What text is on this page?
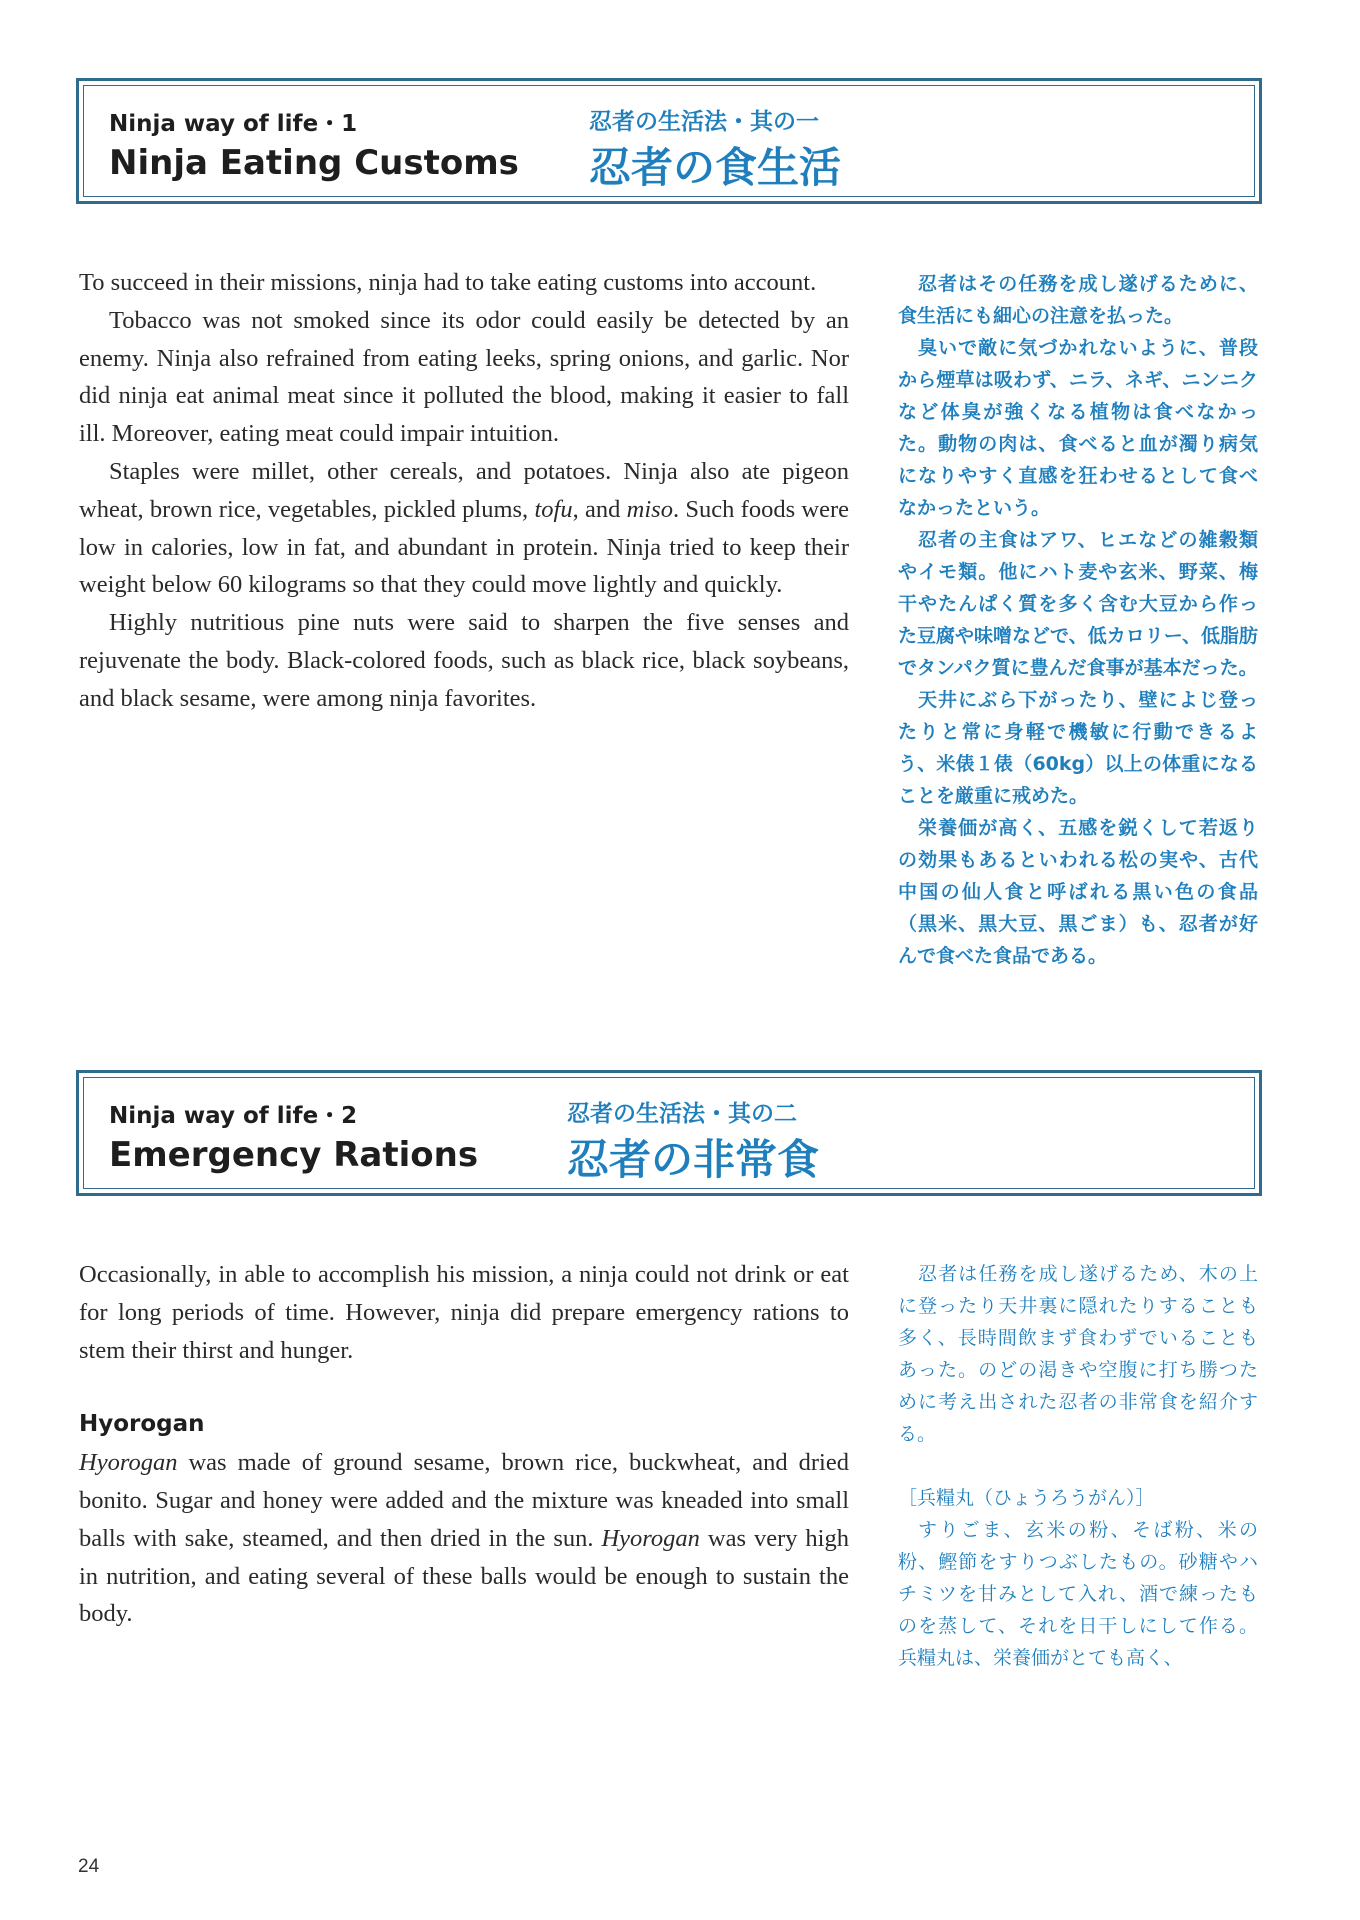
Ninja way of life・1
Ninja Eating Customs
忍者の生活法・其の一
忍者の食生活

To succeed in their missions, ninja had to take eating customs into account.

Tobacco was not smoked since its odor could easily be detected by an enemy. Ninja also refrained from eating leeks, spring onions, and garlic. Nor did ninja eat animal meat since it polluted the blood, making it easier to fall ill. Moreover, eating meat could impair intuition.

Staples were millet, other cereals, and potatoes. Ninja also ate pigeon wheat, brown rice, vegetables, pickled plums, tofu, and miso. Such foods were low in calories, low in fat, and abundant in protein. Ninja tried to keep their weight below 60 kilograms so that they could move lightly and quickly.

Highly nutritious pine nuts were said to sharpen the five senses and rejuvenate the body. Black-colored foods, such as black rice, black soybeans, and black sesame, were among ninja favorites.

忍者はその任務を成し遂げるために、食生活にも細心の注意を払った。

臭いで敵に気づかれないように、普段から煙草は吸わず、ニラ、ネギ、ニンニクなど体臭が強くなる植物は食べなかった。動物の肉は、食べると血が濁り病気になりやすく直感を狂わせるとして食べなかったという。

忍者の主食はアワ、ヒエなどの雑穀類やイモ類。他にハト麦や玄米、野菜、梅干やたんぱく質を多く含む大豆から作った豆腐や味噌などで、低カロリー、低脂肪でタンパク質に豊んだ食事が基本だった。

天井にぶら下がったり、壁によじ登ったりと常に身軽で機敏に行動できるよう、米俵１俵（60kg）以上の体重になることを厳重に戒めた。

栄養価が高く、五感を鋭くして若返りの効果もあるといわれる松の実や、古代中国の仙人食と呼ばれる黒い色の食品（黒米、黒大豆、黒ごま）も、忍者が好んで食べた食品である。

Ninja way of life・2
Emergency Rations
忍者の生活法・其の二
忍者の非常食

Occasionally, in able to accomplish his mission, a ninja could not drink or eat for long periods of time. However, ninja did prepare emergency rations to stem their thirst and hunger.

Hyorogan

Hyorogan was made of ground sesame, brown rice, buckwheat, and dried bonito. Sugar and honey were added and the mixture was kneaded into small balls with sake, steamed, and then dried in the sun. Hyorogan was very high in nutrition, and eating several of these balls would be enough to sustain the body.

忍者は任務を成し遂げるため、木の上に登ったり天井裏に隠れたりすることも多く、長時間飲まず食わずでいることもあった。のどの渇きや空腹に打ち勝つために考え出された忍者の非常食を紹介する。

［兵糧丸（ひょうろうがん）］

すりごま、玄米の粉、そば粉、米の粉、鰹節をすりつぶしたもの。砂糖やハチミツを甘みとして入れ、酒で練ったものを蒸して、それを日干しにして作る。兵糧丸は、栄養価がとても高く、

24
